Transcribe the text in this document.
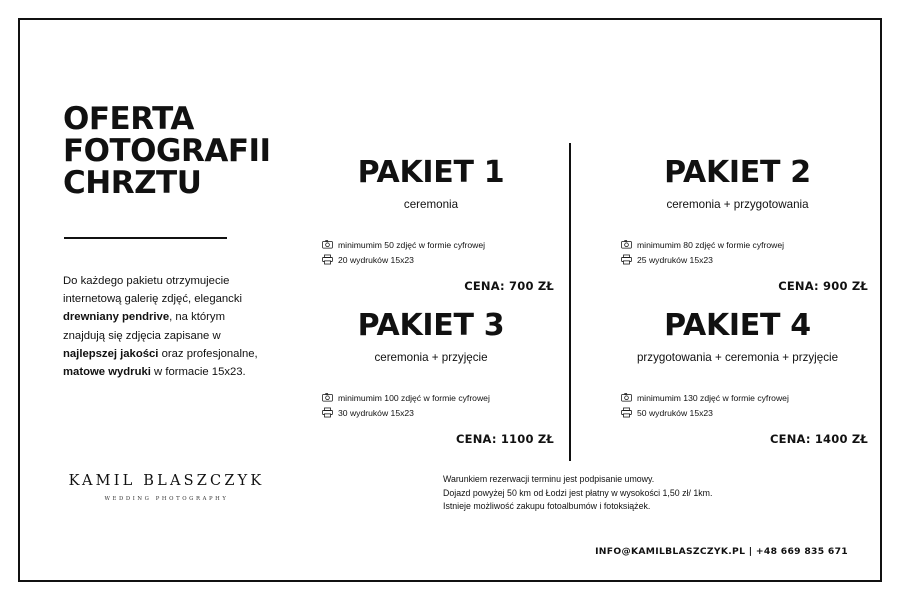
OFERTA
FOTOGRAFII
CHRZTU

Do każdego pakietu otrzymujecie internetową galerię zdjęć, elegancki drewniany pendrive, na którym znajdują się zdjęcia zapisane w najlepszej jakości oraz profesjonalne, matowe wydruki w formacie 15x23.

KAMIL BLASZCZYK
WEDDING PHOTOGRAPHY
PAKIET 1
ceremonia
minimumim 50 zdjęć w formie cyfrowej
20 wydruków 15x23
CENA: 700 ZŁ
PAKIET 2
ceremonia + przygotowania
minimumim 80 zdjęć w formie cyfrowej
25 wydruków 15x23
CENA: 900 ZŁ
PAKIET 3
ceremonia + przyjęcie
minimumim 100 zdjęć w formie cyfrowej
30 wydruków 15x23
CENA: 1100 ZŁ
PAKIET 4
przygotowania + ceremonia + przyjęcie
minimumim 130 zdjęć w formie cyfrowej
50 wydruków 15x23
CENA: 1400 ZŁ
Warunkiem rezerwacji terminu jest podpisanie umowy.
Dojazd powyżej 50 km od Łodzi jest płatny w wysokości 1,50 zł/ 1km.
Istnieje możliwość zakupu fotoalbumów i fotoksiążek.
INFO@KAMILBLASZCZYK.PL | +48 669 835 671
